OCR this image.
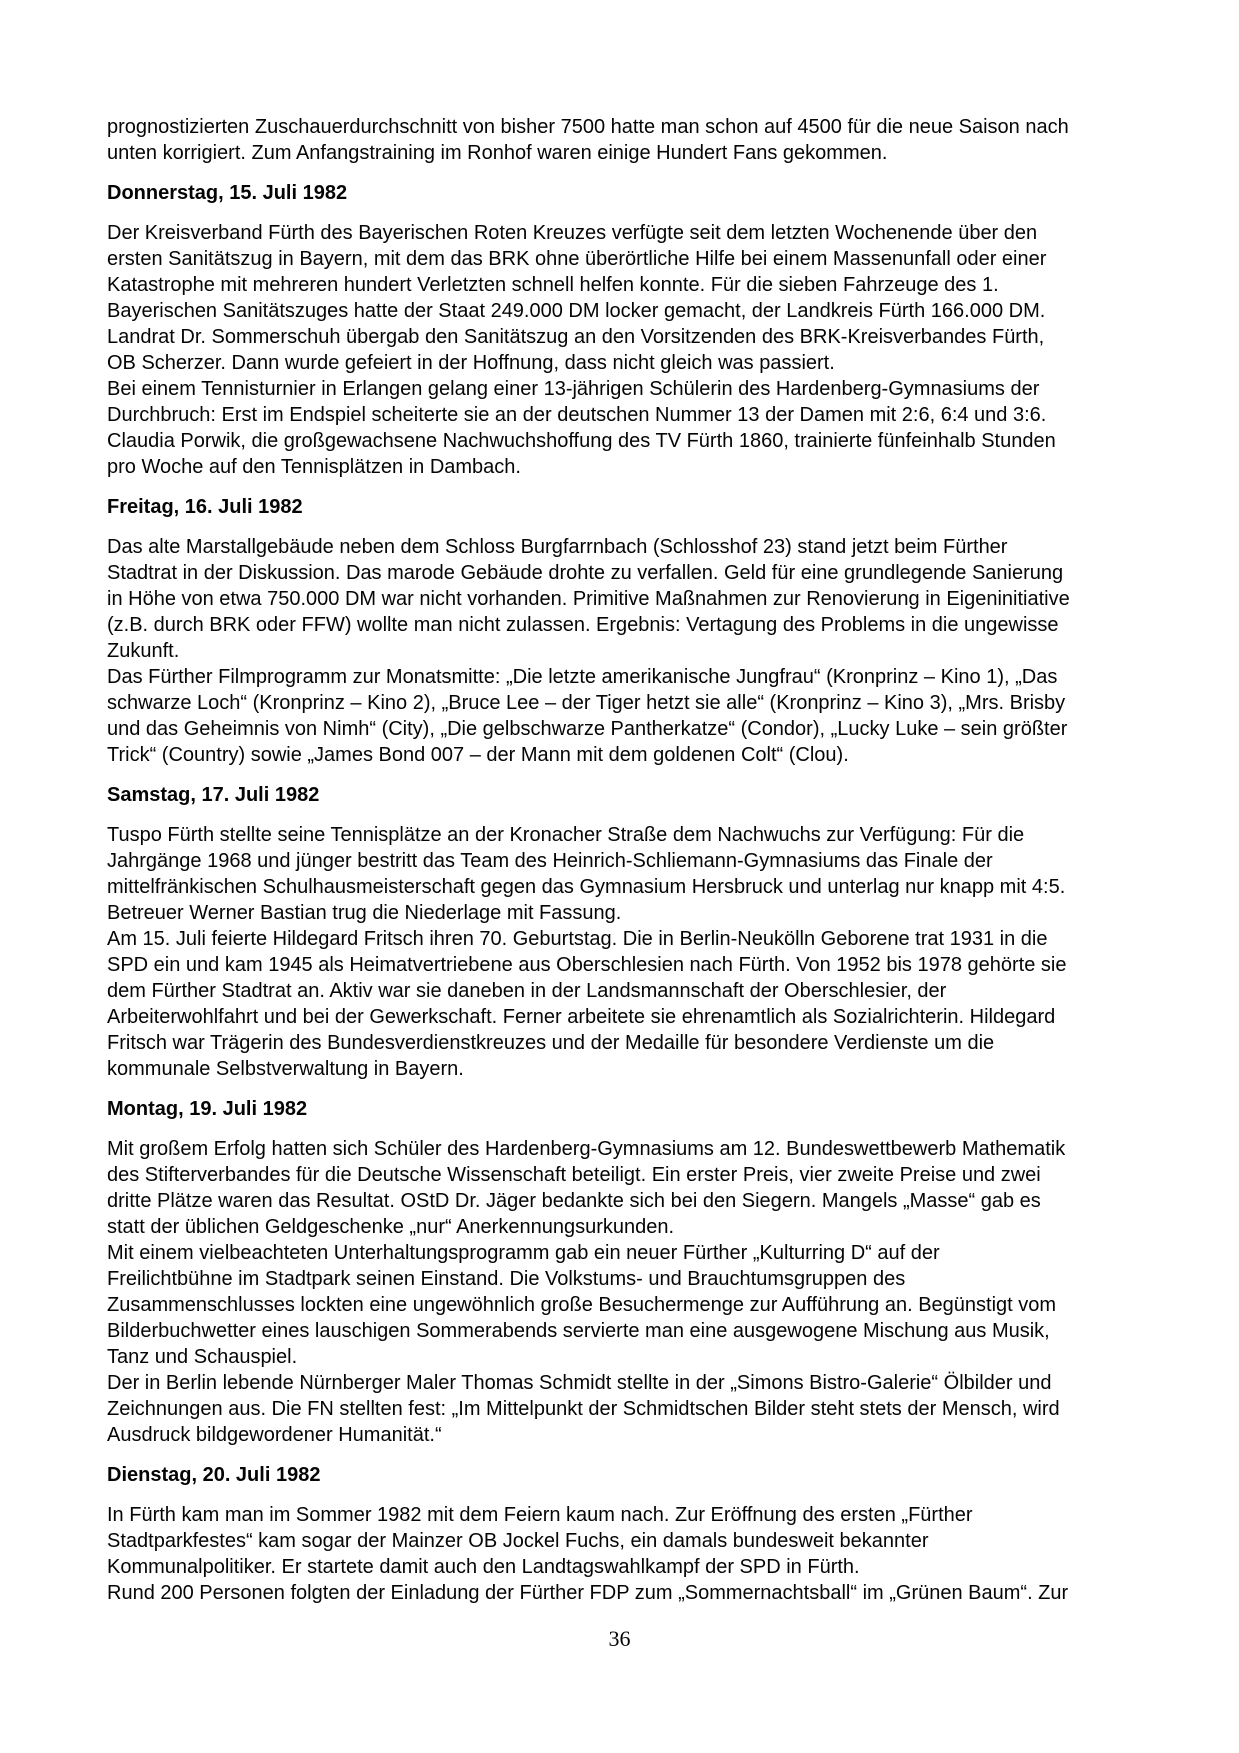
prognostizierten Zuschauerdurchschnitt von bisher 7500 hatte man schon auf 4500 für die neue Saison nach
unten korrigiert. Zum Anfangstraining im Ronhof waren einige Hundert Fans gekommen.

Donnerstag, 15. Juli 1982

Der Kreisverband Fürth des Bayerischen Roten Kreuzes verfügte seit dem letzten Wochenende über den
ersten Sanitätszug in Bayern, mit dem das BRK ohne überörtliche Hilfe bei einem Massenunfall oder einer
Katastrophe mit mehreren hundert Verletzten schnell helfen konnte. Für die sieben Fahrzeuge des 1.
Bayerischen Sanitätszuges hatte der Staat 249.000 DM locker gemacht, der Landkreis Fürth 166.000 DM.
Landrat Dr. Sommerschuh übergab den Sanitätszug an den Vorsitzenden des BRK-Kreisverbandes Fürth,
OB Scherzer. Dann wurde gefeiert in der Hoffnung, dass nicht gleich was passiert.
Bei einem Tennisturnier in Erlangen gelang einer 13-jährigen Schülerin des Hardenberg-Gymnasiums der
Durchbruch: Erst im Endspiel scheiterte sie an der deutschen Nummer 13 der Damen mit 2:6, 6:4 und 3:6.
Claudia Porwik, die großgewachsene Nachwuchshoffung des TV Fürth 1860, trainierte fünfeinhalb Stunden
pro Woche auf den Tennisplätzen in Dambach.

Freitag, 16. Juli 1982

Das alte Marstallgebäude neben dem Schloss Burgfarrnbach (Schlosshof 23) stand jetzt beim Fürther
Stadtrat in der Diskussion. Das marode Gebäude drohte zu verfallen. Geld für eine grundlegende Sanierung
in Höhe von etwa 750.000 DM war nicht vorhanden. Primitive Maßnahmen zur Renovierung in Eigeninitiative
(z.B. durch BRK oder FFW) wollte man nicht zulassen. Ergebnis: Vertagung des Problems in die ungewisse
Zukunft.
Das Fürther Filmprogramm zur Monatsmitte: „Die letzte amerikanische Jungfrau“ (Kronprinz – Kino 1), „Das
schwarze Loch“ (Kronprinz – Kino 2), „Bruce Lee – der Tiger hetzt sie alle“ (Kronprinz – Kino 3), „Mrs. Brisby
und das Geheimnis von Nimh“ (City), „Die gelbschwarze Pantherkatze“ (Condor), „Lucky Luke – sein größter
Trick“ (Country) sowie „James Bond 007 – der Mann mit dem goldenen Colt“ (Clou).

Samstag, 17. Juli 1982

Tuspo Fürth stellte seine Tennisplätze an der Kronacher Straße dem Nachwuchs zur Verfügung: Für die
Jahrgänge 1968 und jünger bestritt das Team des Heinrich-Schliemann-Gymnasiums das Finale der
mittelfränkischen Schulhausmeisterschaft gegen das Gymnasium Hersbruck und unterlag nur knapp mit 4:5.
Betreuer Werner Bastian trug die Niederlage mit Fassung.
Am 15. Juli feierte Hildegard Fritsch ihren 70. Geburtstag. Die in Berlin-Neukölln Geborene trat 1931 in die
SPD ein und kam 1945 als Heimatvertriebene aus Oberschlesien nach Fürth. Von 1952 bis 1978 gehörte sie
dem Fürther Stadtrat an. Aktiv war sie daneben in der Landsmannschaft der Oberschlesier, der
Arbeiterwohlfahrt und bei der Gewerkschaft. Ferner arbeitete sie ehrenamtlich als Sozialrichterin. Hildegard
Fritsch war Trägerin des Bundesverdienstkreuzes und der Medaille für besondere Verdienste um die
kommunale Selbstverwaltung in Bayern.

Montag, 19. Juli 1982

Mit großem Erfolg hatten sich Schüler des Hardenberg-Gymnasiums am 12. Bundeswettbewerb Mathematik
des Stifterverbandes für die Deutsche Wissenschaft beteiligt. Ein erster Preis, vier zweite Preise und zwei
dritte Plätze waren das Resultat. OStD Dr. Jäger bedankte sich bei den Siegern. Mangels „Masse“ gab es
statt der üblichen Geldgeschenke „nur“ Anerkennungsurkunden.
Mit einem vielbeachteten Unterhaltungsprogramm gab ein neuer Fürther „Kulturring D“ auf der
Freilichtbühne im Stadtpark seinen Einstand. Die Volkstums- und Brauchtumsgruppen des
Zusammenschlusses lockten eine ungewöhnlich große Besuchermenge zur Aufführung an. Begünstigt vom
Bilderbuchwetter eines lauschigen Sommerabends servierte man eine ausgewogene Mischung aus Musik,
Tanz und Schauspiel.
Der in Berlin lebende Nürnberger Maler Thomas Schmidt stellte in der „Simons Bistro-Galerie“ Ölbilder und
Zeichnungen aus. Die FN stellten fest: „Im Mittelpunkt der Schmidtschen Bilder steht stets der Mensch, wird
Ausdruck bildgewordener Humanität.“

Dienstag, 20. Juli 1982

In Fürth kam man im Sommer 1982 mit dem Feiern kaum nach. Zur Eröffnung des ersten „Fürther
Stadtparkfestes“ kam sogar der Mainzer OB Jockel Fuchs, ein damals bundesweit bekannter
Kommunalpolitiker. Er startete damit auch den Landtagswahlkampf der SPD in Fürth.
Rund 200 Personen folgten der Einladung der Fürther FDP zum „Sommernachtsball“ im „Grünen Baum“. Zur

36
